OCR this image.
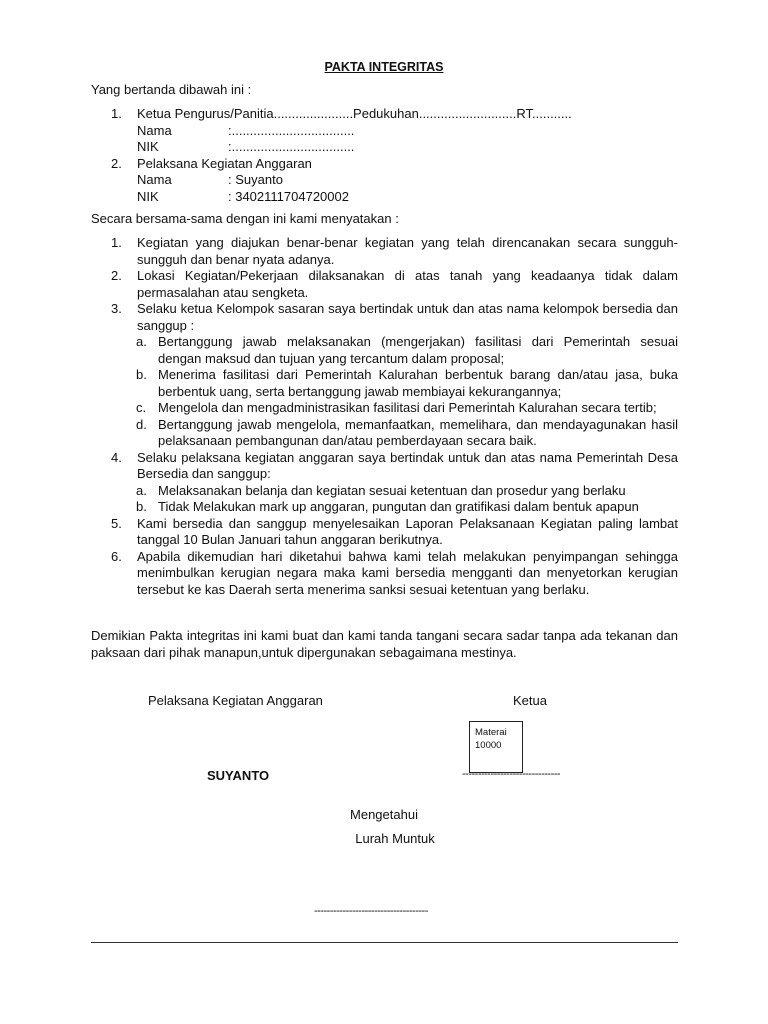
PAKTA INTEGRITAS
Yang bertanda dibawah ini :
1. Ketua Pengurus/Panitia......................Pedukuhan...........................RT...........
Nama	:..................................
NIK	:..................................
2. Pelaksana Kegiatan Anggaran
Nama	: Suyanto
NIK	: 3402111704720002
Secara bersama-sama dengan ini kami menyatakan :
1. Kegiatan yang diajukan benar-benar kegiatan yang telah direncanakan secara sungguh-sungguh dan benar nyata adanya.
2. Lokasi Kegiatan/Pekerjaan dilaksanakan di atas tanah yang keadaanya tidak dalam permasalahan atau sengketa.
3. Selaku ketua Kelompok sasaran saya bertindak untuk dan atas nama kelompok bersedia dan sanggup :
a. Bertanggung jawab melaksanakan (mengerjakan) fasilitasi dari Pemerintah sesuai dengan maksud dan tujuan yang tercantum dalam proposal;
b. Menerima fasilitasi dari Pemerintah Kalurahan berbentuk barang dan/atau jasa, buka berbentuk uang, serta bertanggung jawab membiayai kekurangannya;
c. Mengelola dan mengadministrasikan fasilitasi dari Pemerintah Kalurahan secara tertib;
d. Bertanggung jawab mengelola, memanfaatkan, memelihara, dan mendayagunakan hasil pelaksanaan pembangunan dan/atau pemberdayaan secara baik.
4. Selaku pelaksana kegiatan anggaran saya bertindak untuk dan atas nama Pemerintah Desa Bersedia dan sanggup:
a. Melaksanakan belanja dan kegiatan sesuai ketentuan dan prosedur yang berlaku
b. Tidak Melakukan mark up anggaran, pungutan dan gratifikasi dalam bentuk apapun
5. Kami bersedia dan sanggup menyelesaikan Laporan Pelaksanaan Kegiatan paling lambat tanggal 10 Bulan Januari tahun anggaran berikutnya.
6. Apabila dikemudian hari diketahui bahwa kami telah melakukan penyimpangan sehingga menimbulkan kerugian negara maka kami bersedia mengganti dan menyetorkan kerugian tersebut ke kas Daerah serta menerima sanksi sesuai ketentuan yang berlaku.
Demikian Pakta integritas ini kami buat dan kami tanda tangani secara sadar tanpa ada tekanan dan paksaan dari pihak manapun,untuk dipergunakan sebagaimana mestinya.
Pelaksana Kegiatan Anggaran	Ketua
Materai
10000
SUYANTO	-------------------------------
Mengetahui
Lurah Muntuk
------------------------------------
